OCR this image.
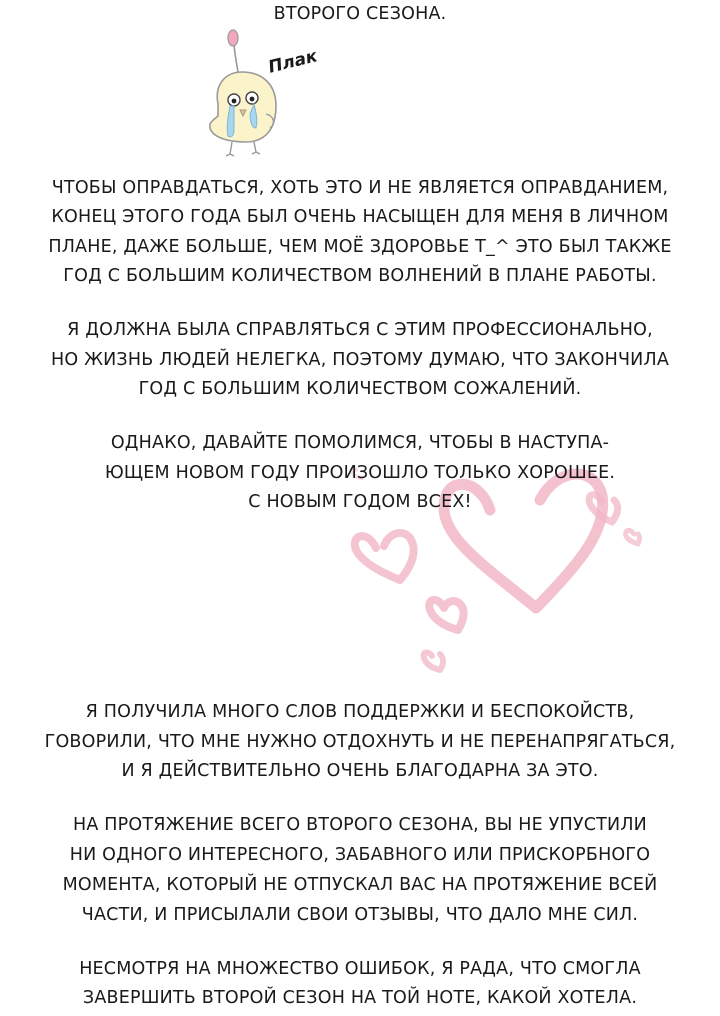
ВТОРОГО СЕЗОНА.
Плак
ЧТОБЫ ОПРАВДАТЬСЯ, ХОТЬ ЭТО И НЕ ЯВЛЯЕТСЯ ОПРАВДАНИЕМ,
КОНЕЦ ЭТОГО ГОДА БЫЛ ОЧЕНЬ НАСЫЩЕН ДЛЯ МЕНЯ В ЛИЧНОМ
ПЛАНЕ, ДАЖЕ БОЛЬШЕ, ЧЕМ МОЁ ЗДОРОВЬЕ Т_^ ЭТО БЫЛ ТАКЖЕ
ГОД С БОЛЬШИМ КОЛИЧЕСТВОМ ВОЛНЕНИЙ В ПЛАНЕ РАБОТЫ.
Я ДОЛЖНА БЫЛА СПРАВЛЯТЬСЯ С ЭТИМ ПРОФЕССИОНАЛЬНО,
НО ЖИЗНЬ ЛЮДЕЙ НЕЛЕГКА, ПОЭТОМУ ДУМАЮ, ЧТО ЗАКОНЧИЛА
ГОД С БОЛЬШИМ КОЛИЧЕСТВОМ СОЖАЛЕНИЙ.
ОДНАКО, ДАВАЙТЕ ПОМОЛИМСЯ, ЧТОБЫ В НАСТУПА-
ЮЩЕМ НОВОМ ГОДУ ПРОИЗОШЛО ТОЛЬКО ХОРОШЕЕ.
С НОВЫМ ГОДОМ ВСЕХ!
Я ПОЛУЧИЛА МНОГО СЛОВ ПОДДЕРЖКИ И БЕСПОКОЙСТВ,
ГОВОРИЛИ, ЧТО МНЕ НУЖНО ОТДОХНУТЬ И НЕ ПЕРЕНАПРЯГАТЬСЯ,
И Я ДЕЙСТВИТЕЛЬНО ОЧЕНЬ БЛАГОДАРНА ЗА ЭТО.
НА ПРОТЯЖЕНИЕ ВСЕГО ВТОРОГО СЕЗОНА, ВЫ НЕ УПУСТИЛИ
НИ ОДНОГО ИНТЕРЕСНОГО, ЗАБАВНОГО ИЛИ ПРИСКОРБНОГО
МОМЕНТА, КОТОРЫЙ НЕ ОТПУСКАЛ ВАС НА ПРОТЯЖЕНИЕ ВСЕЙ
ЧАСТИ, И ПРИСЫЛАЛИ СВОИ ОТЗЫВЫ, ЧТО ДАЛО МНЕ СИЛ.
НЕСМОТРЯ НА МНОЖЕСТВО ОШИБОК, Я РАДА, ЧТО СМОГЛА
ЗАВЕРШИТЬ ВТОРОЙ СЕЗОН НА ТОЙ НОТЕ, КАКОЙ ХОТЕЛА.
